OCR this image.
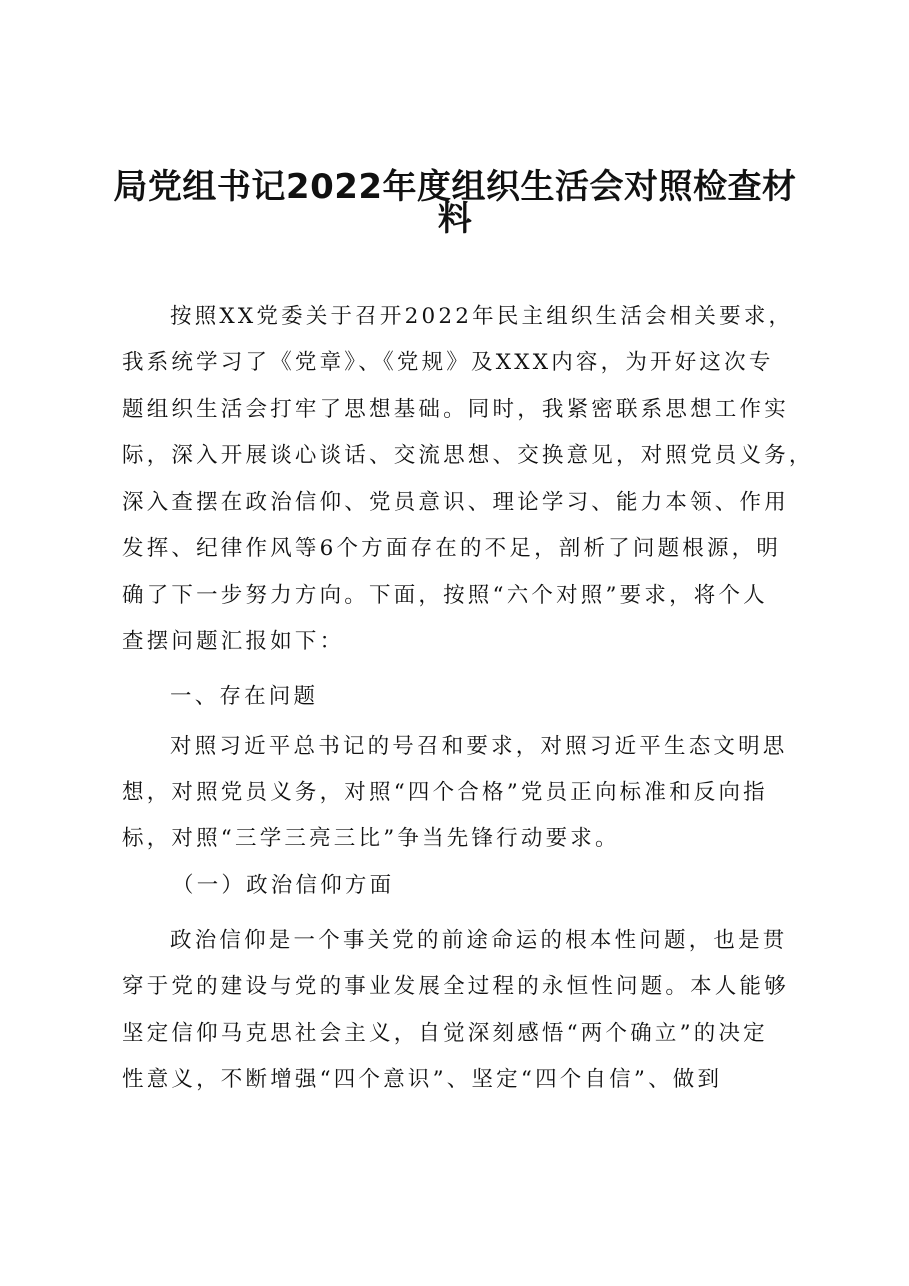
局党组书记2022年度组织生活会对照检查材
料
按照XX党委关于召开2022年民主组织生活会相关要求，
我系统学习了《党章》、《党规》及XXX内容，为开好这次专
题组织生活会打牢了思想基础。同时，我紧密联系思想工作实
际，深入开展谈心谈话、交流思想、交换意见，对照党员义务，
深入查摆在政治信仰、党员意识、理论学习、能力本领、作用
发挥、纪律作风等6个方面存在的不足，剖析了问题根源，明
确了下一步努力方向。下面，按照“六个对照”要求，将个人
查摆问题汇报如下：
一、存在问题
对照习近平总书记的号召和要求，对照习近平生态文明思
想，对照党员义务，对照“四个合格”党员正向标准和反向指
标，对照“三学三亮三比”争当先锋行动要求。
（一）政治信仰方面
政治信仰是一个事关党的前途命运的根本性问题，也是贯
穿于党的建设与党的事业发展全过程的永恒性问题。本人能够
坚定信仰马克思社会主义，自觉深刻感悟“两个确立”的决定
性意义，不断增强“四个意识”、坚定“四个自信”、做到
